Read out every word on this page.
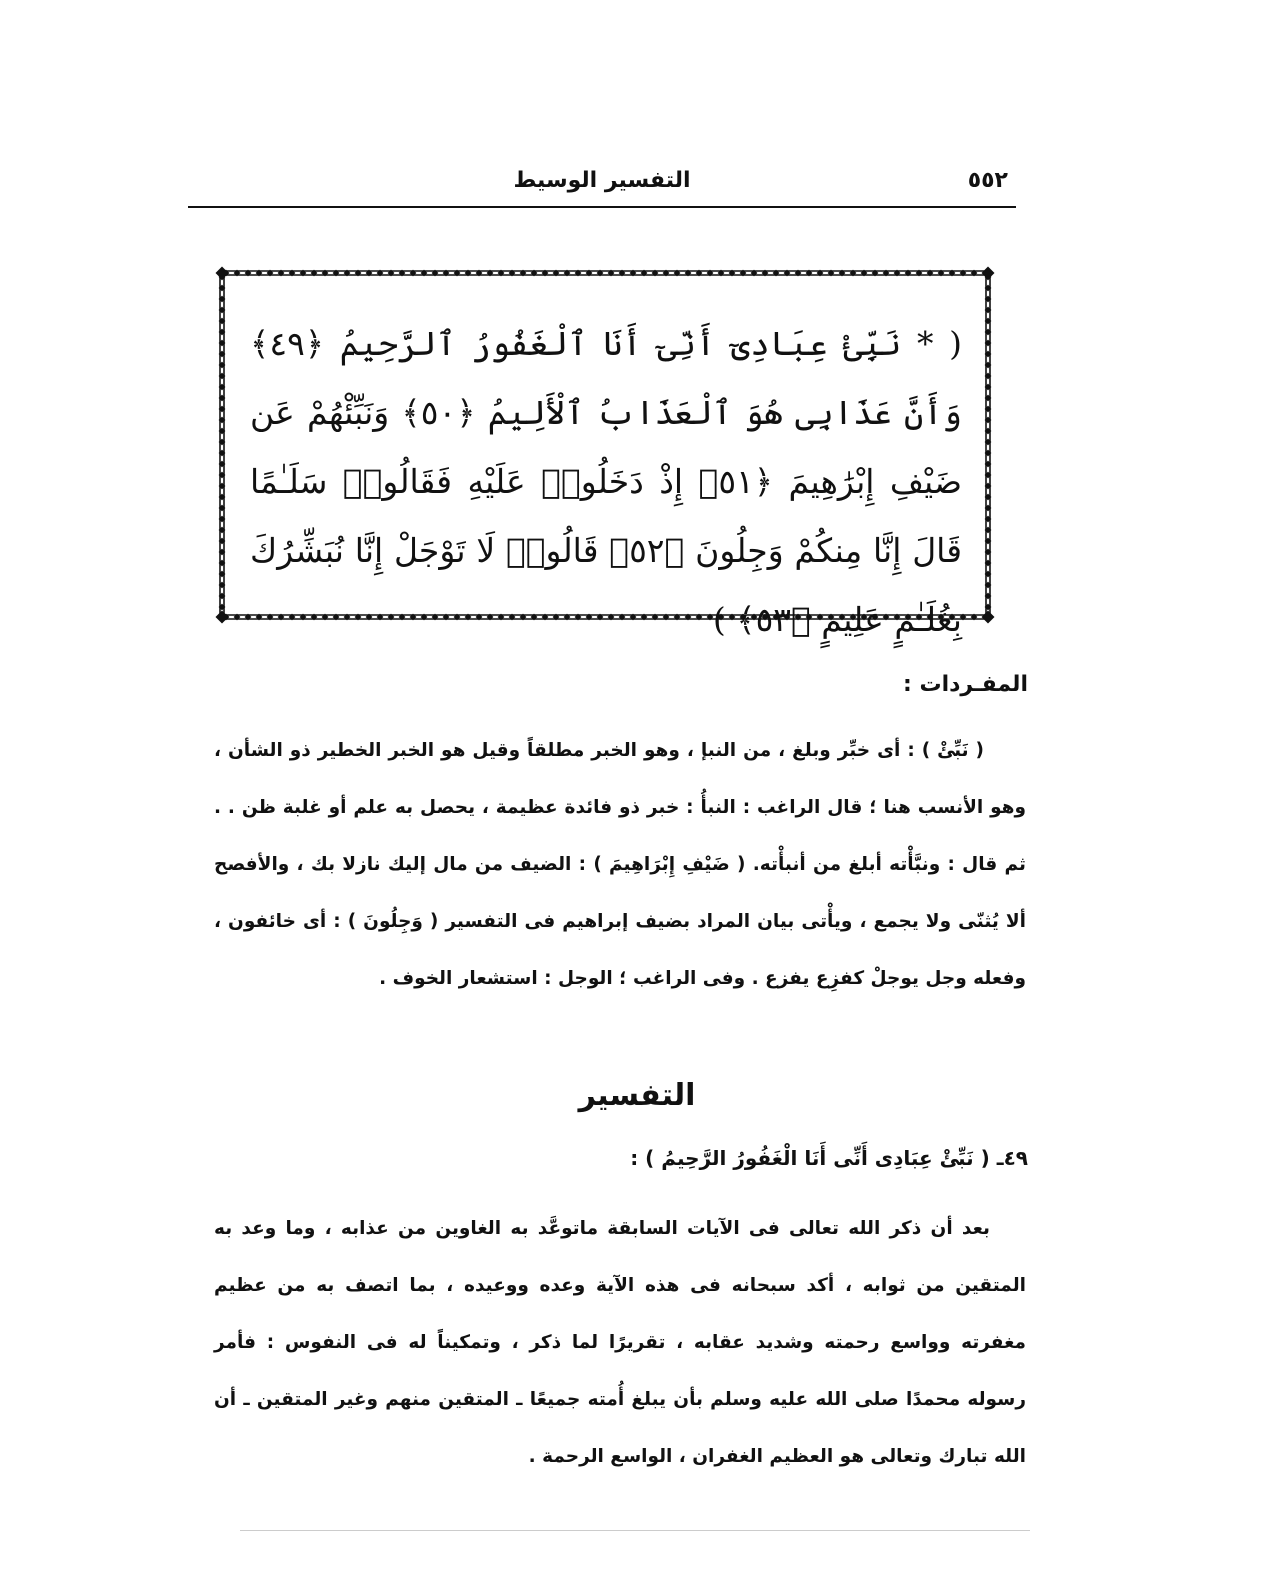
٥٥٢
التفسير الوسيط
( * نَبِّئْ عِبَادِىٓ أَنِّىٓ أَنَا ٱلْغَفُورُ ٱلرَّحِيمُ ﴿٤٩﴾ وَأَنَّ عَذَابِى هُوَ ٱلْعَذَابُ ٱلْأَلِيمُ ﴿٥٠﴾ وَنَبِّئْهُمْ عَن ضَيْفِ إِبْرَٰهِيمَ ﴿٥١﴾ إِذْ دَخَلُوا۟ عَلَيْهِ فَقَالُوا۟ سَلَـٰمًا قَالَ إِنَّا مِنكُمْ وَجِلُونَ ﴿٥٢﴾ قَالُوا۟ لَا تَوْجَلْ إِنَّا نُبَشِّرُكَ بِغُلَـٰمٍ عَلِيمٍ ﴿٥٣﴾ )
المفـردات :
( نَبِّئْ ) : أى خبِّر وبلغ ، من النبإ ، وهو الخبر مطلقاً وقيل هو الخبر الخطير ذو الشأن ، وهو الأنسب هنا ؛ قال الراغب : النبأُ : خبر ذو فائدة عظيمة ، يحصل به علم أو غلبة ظن . . ثم قال : ونبَّأْته أبلغ من أنبأْته. ( ضَيْفِ إِبْرَاهِيمَ ) : الضيف من مال إليك نازلا بك ، والأفصح ألا يُثنّى ولا يجمع ، ويأْتى بيان المراد بضيف إبراهيم فى التفسير ( وَجِلُونَ ) : أى خائفون ، وفعله وجل يوجلْ كفزِع يفزع . وفى الراغب ؛ الوجل : استشعار الخوف .
التفسير
٤٩ـ ( نَبِّئْ عِبَادِى أَنِّى أَنَا الْغَفُورُ الرَّحِيمُ ) :
بعد أن ذكر الله تعالى فى الآيات السابقة ماتوعَّد به الغاوين من عذابه ، وما وعد به المتقين من ثوابه ، أكد سبحانه فى هذه الآية وعده ووعيده ، بما اتصف به من عظيم مغفرته وواسع رحمته وشديد عقابه ، تقريرًا لما ذكر ، وتمكيناً له فى النفوس : فأمر رسوله محمدًا صلى الله عليه وسلم بأن يبلغ أُمته جميعًا ـ المتقين منهم وغير المتقين ـ أن الله تبارك وتعالى هو العظيم الغفران ، الواسع الرحمة .
